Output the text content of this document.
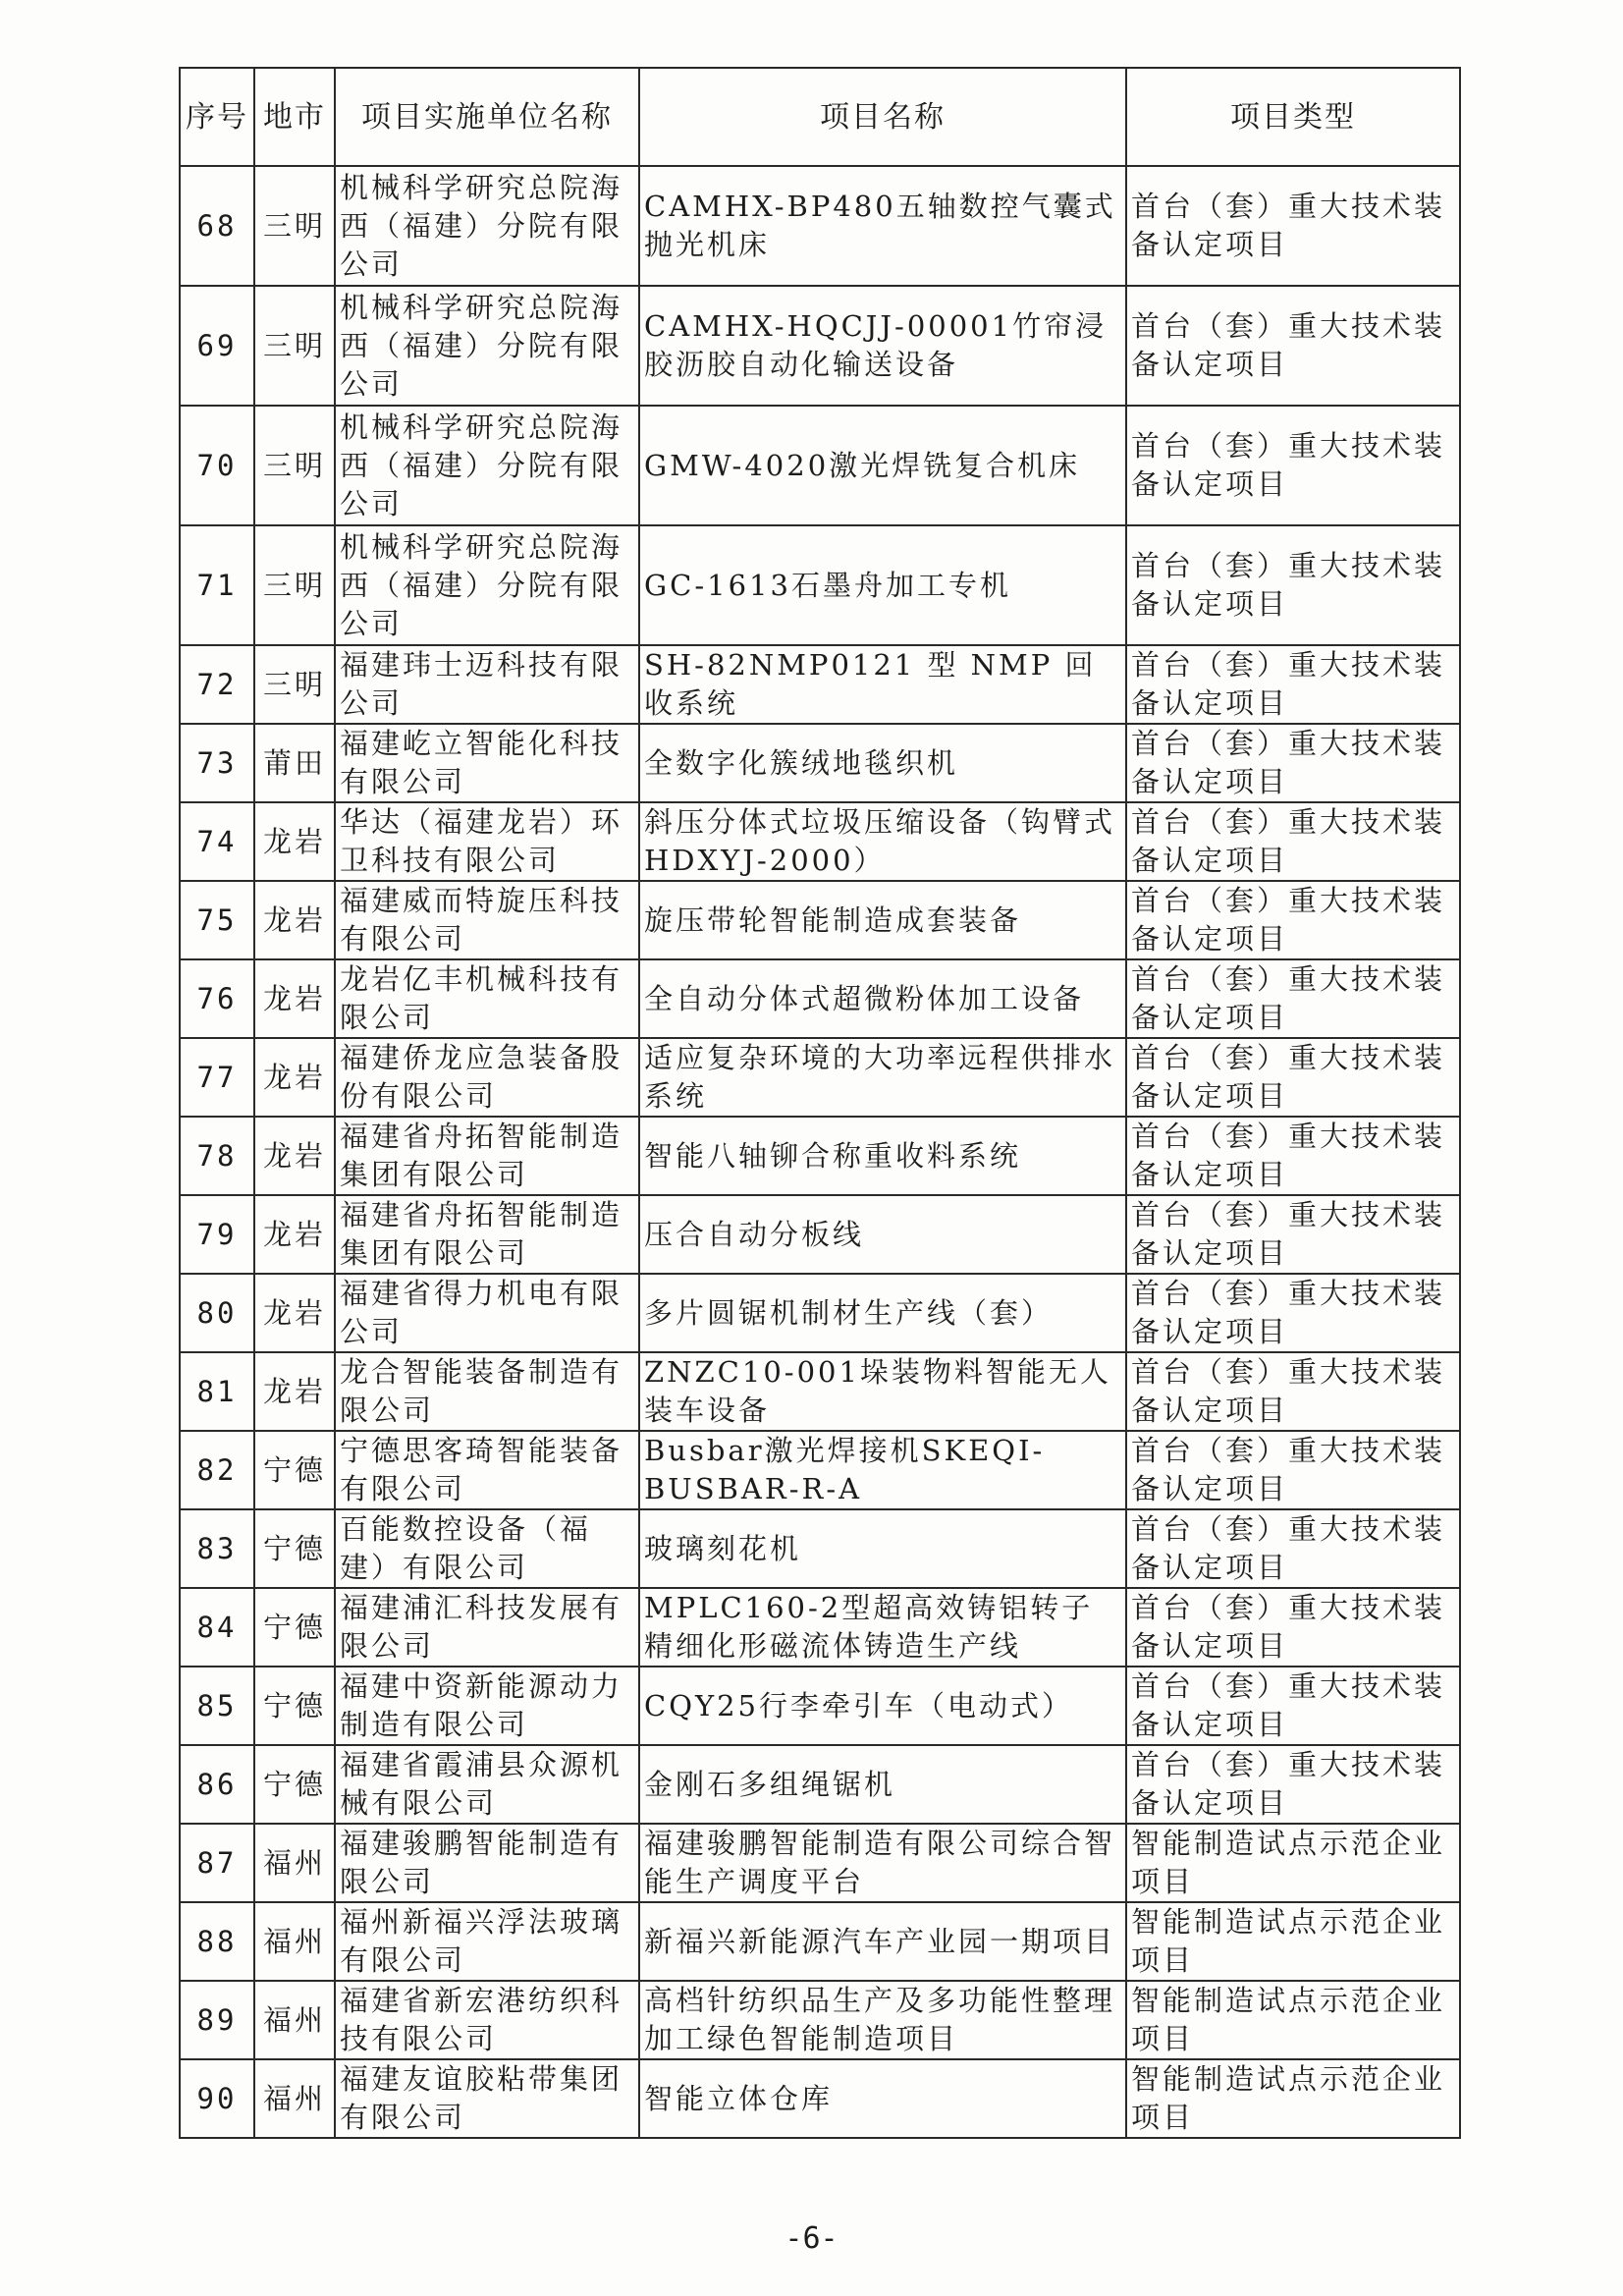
序号	地市	项目实施单位名称	项目名称	项目类型
68	三明	机械科学研究总院海西（福建）分院有限公司	CAMHX-BP480五轴数控气囊式抛光机床	首台（套）重大技术装备认定项目
69	三明	机械科学研究总院海西（福建）分院有限公司	CAMHX-HQCJJ-00001竹帘浸胶沥胶自动化输送设备	首台（套）重大技术装备认定项目
70	三明	机械科学研究总院海西（福建）分院有限公司	GMW-4020激光焊铣复合机床	首台（套）重大技术装备认定项目
71	三明	机械科学研究总院海西（福建）分院有限公司	GC-1613石墨舟加工专机	首台（套）重大技术装备认定项目
72	三明	福建玮士迈科技有限公司	SH-82NMP0121 型 NMP 回收系统	首台（套）重大技术装备认定项目
73	莆田	福建屹立智能化科技有限公司	全数字化簇绒地毯织机	首台（套）重大技术装备认定项目
74	龙岩	华达（福建龙岩）环卫科技有限公司	斜压分体式垃圾压缩设备（钩臂式HDXYJ-2000）	首台（套）重大技术装备认定项目
75	龙岩	福建威而特旋压科技有限公司	旋压带轮智能制造成套装备	首台（套）重大技术装备认定项目
76	龙岩	龙岩亿丰机械科技有限公司	全自动分体式超微粉体加工设备	首台（套）重大技术装备认定项目
77	龙岩	福建侨龙应急装备股份有限公司	适应复杂环境的大功率远程供排水系统	首台（套）重大技术装备认定项目
78	龙岩	福建省舟拓智能制造集团有限公司	智能八轴铆合称重收料系统	首台（套）重大技术装备认定项目
79	龙岩	福建省舟拓智能制造集团有限公司	压合自动分板线	首台（套）重大技术装备认定项目
80	龙岩	福建省得力机电有限公司	多片圆锯机制材生产线（套）	首台（套）重大技术装备认定项目
81	龙岩	龙合智能装备制造有限公司	ZNZC10-001垛装物料智能无人装车设备	首台（套）重大技术装备认定项目
82	宁德	宁德思客琦智能装备有限公司	Busbar激光焊接机SKEQI-BUSBAR-R-A	首台（套）重大技术装备认定项目
83	宁德	百能数控设备（福建）有限公司	玻璃刻花机	首台（套）重大技术装备认定项目
84	宁德	福建浦汇科技发展有限公司	MPLC160-2型超高效铸铝转子精细化形磁流体铸造生产线	首台（套）重大技术装备认定项目
85	宁德	福建中资新能源动力制造有限公司	CQY25行李牵引车（电动式）	首台（套）重大技术装备认定项目
86	宁德	福建省霞浦县众源机械有限公司	金刚石多组绳锯机	首台（套）重大技术装备认定项目
87	福州	福建骏鹏智能制造有限公司	福建骏鹏智能制造有限公司综合智能生产调度平台	智能制造试点示范企业项目
88	福州	福州新福兴浮法玻璃有限公司	新福兴新能源汽车产业园一期项目	智能制造试点示范企业项目
89	福州	福建省新宏港纺织科技有限公司	高档针纺织品生产及多功能性整理加工绿色智能制造项目	智能制造试点示范企业项目
90	福州	福建友谊胶粘带集团有限公司	智能立体仓库	智能制造试点示范企业项目
-6-
